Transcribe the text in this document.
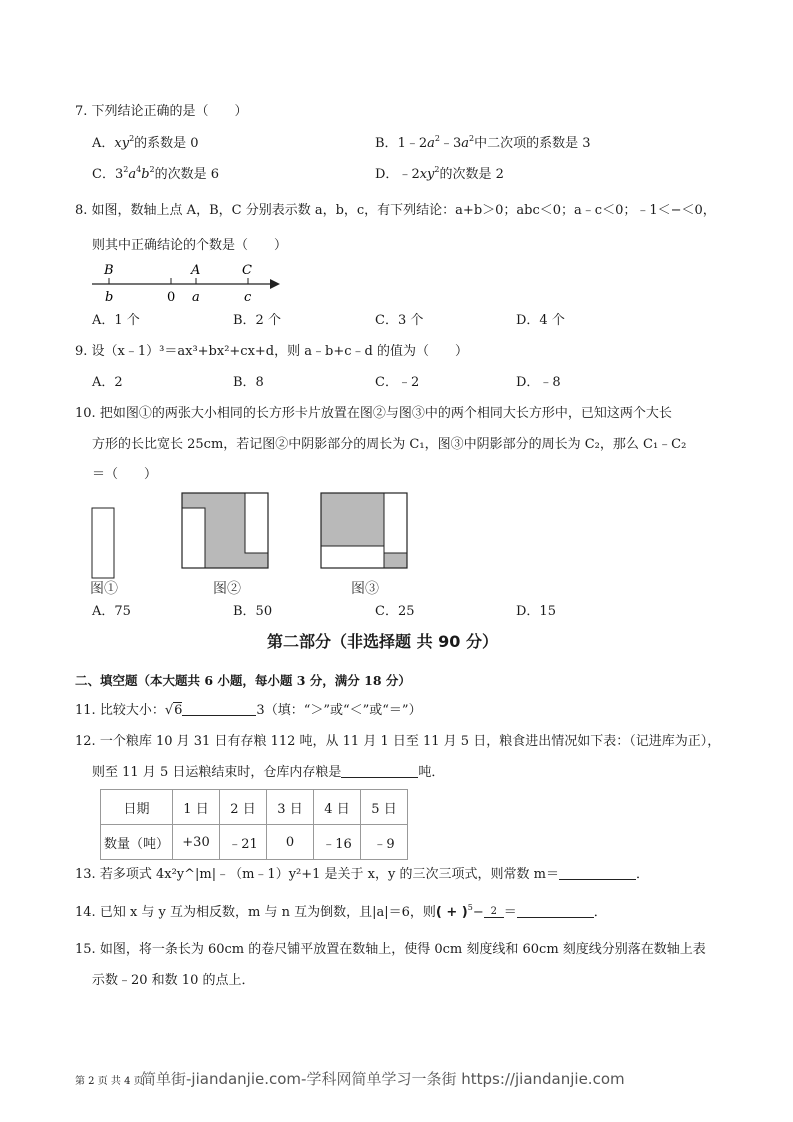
7. 下列结论正确的是（　　）
A．$xy^2$的系数是 0	B．$1﹣2a^2﹣3a^2$中二次项的系数是 3
C．$3^2a^4b^2$的次数是 6	D．$﹣2xy^2$的次数是 2
8. 如图，数轴上点 A，B，C 分别表示数 a，b，c，有下列结论：a+b＞0；abc＜0；a﹣c＜0；﹣1＜−＜0，
则其中正确结论的个数是（　　）
B	A	C
b	0 a	c
A．1 个	B．2 个	C．3 个	D．4 个
9. 设（x﹣1）³＝ax³+bx²+cx+d，则 a﹣b+c﹣d 的值为（　　）
A．2	B．8	C．﹣2	D．﹣8
10. 把如图①的两张大小相同的长方形卡片放置在图②与图③中的两个相同大长方形中，已知这两个大长
方形的长比宽长 25cm，若记图②中阴影部分的周长为 C₁，图③中阴影部分的周长为 C₂，那么 C₁﹣C₂
＝（　　）
图①	图②	图③
A．75	B．50	C．25	D．15
第二部分（非选择题 共 90 分）
二、填空题（本大题共 6 小题，每小题 3 分，满分 18 分）
11. 比较大小：√6	3（填：“＞”或“＜”或“＝”）
12. 一个粮库 10 月 31 日有存粮 112 吨，从 11 月 1 日至 11 月 5 日，粮食进出情况如下表：（记进库为正），
则至 11 月 5 日运粮结束时，仓库内存粮是	吨．
日期	1 日	2 日	3 日	4 日	5 日
数量（吨）	+30	﹣21	0	﹣16	﹣9
13. 若多项式 4x²y^|m|﹣（m﹣1）y²+1 是关于 x，y 的三次三项式，则常数 m＝	．
14. 已知 x 与 y 互为相反数，m 与 n 互为倒数，且|a|＝6，则( + )$^5$− 2 ＝	．
15. 如图，将一条长为 60cm 的卷尺铺平放置在数轴上，使得 0cm 刻度线和 60cm 刻度线分别落在数轴上表
示数﹣20 和数 10 的点上．
第 2 页 共 4 页
简单街-jiandanjie.com-学科网简单学习一条街 https://jiandanjie.com
